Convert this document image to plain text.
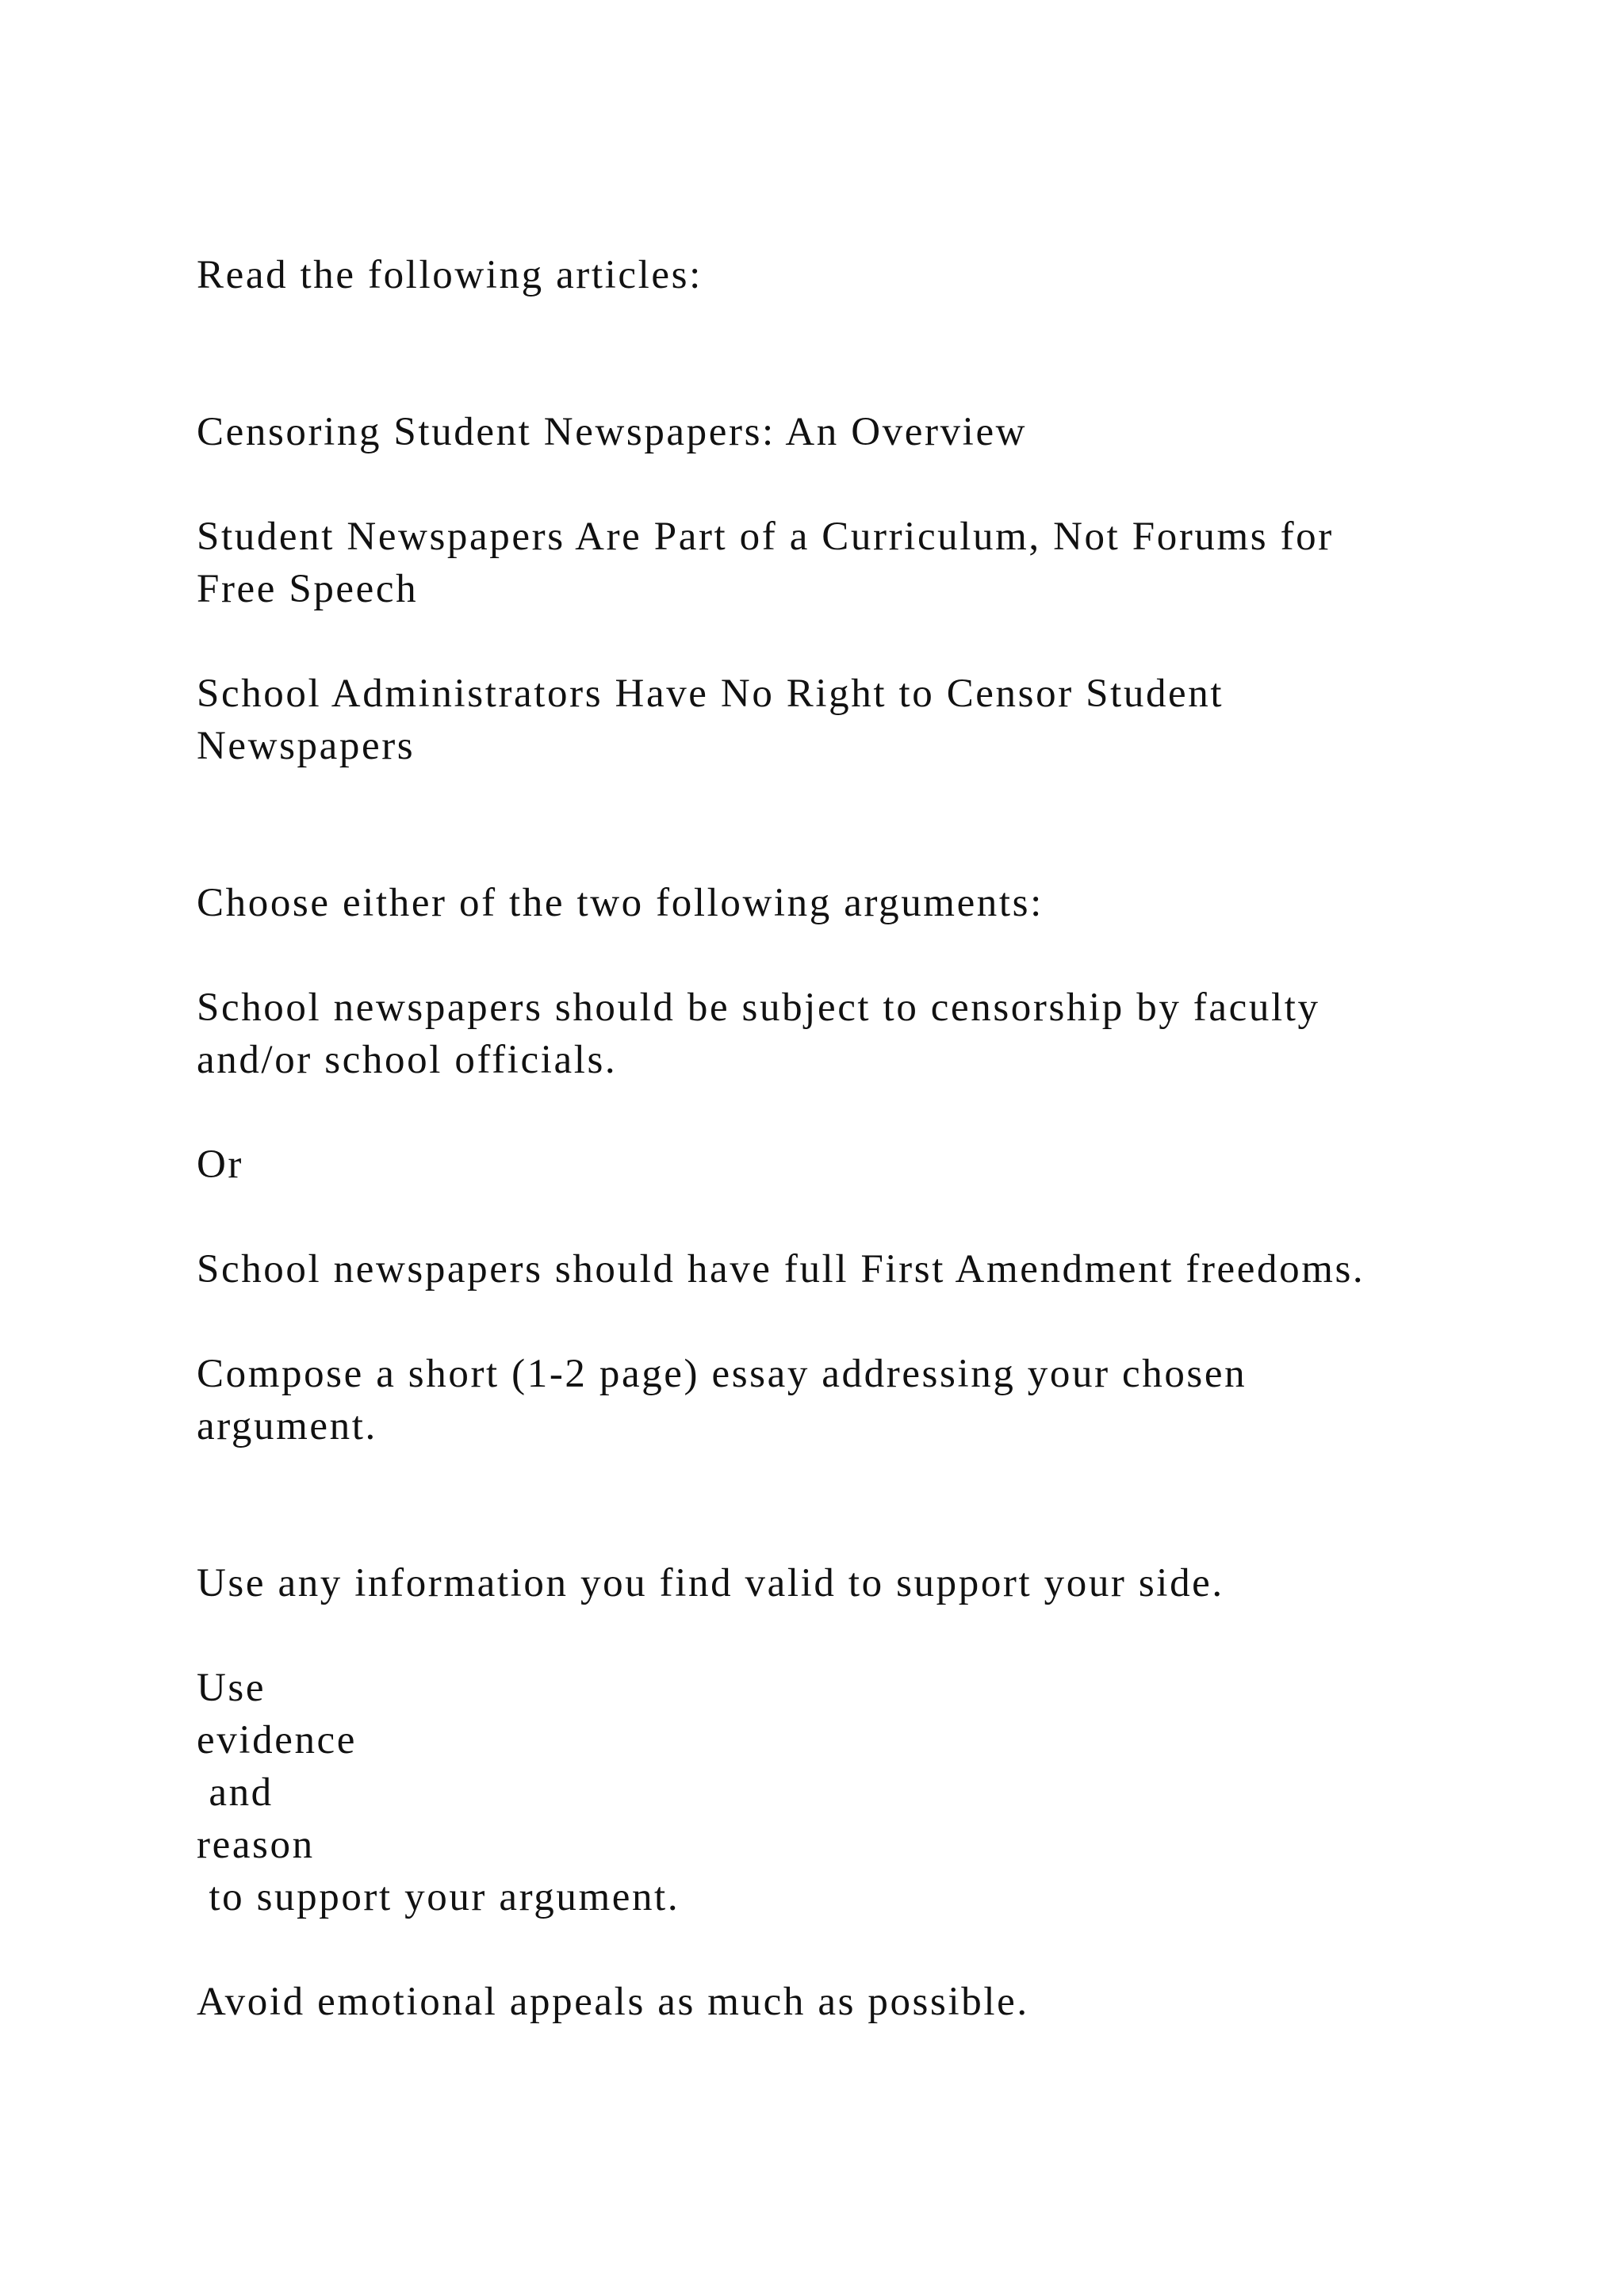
Read the following articles:

Censoring Student Newspapers: An Overview

Student Newspapers Are Part of a Curriculum, Not Forums for

Free Speech

School Administrators Have No Right to Censor Student

Newspapers

Choose either of the two following arguments:

School newspapers should be subject to censorship by faculty

and/or school officials.

Or

School newspapers should have full First Amendment freedoms.

Compose a short (1-2 page) essay addressing your chosen

argument.

Use any information you find valid to support your side.

Use

evidence

and

reason

to support your argument.

Avoid emotional appeals as much as possible.
